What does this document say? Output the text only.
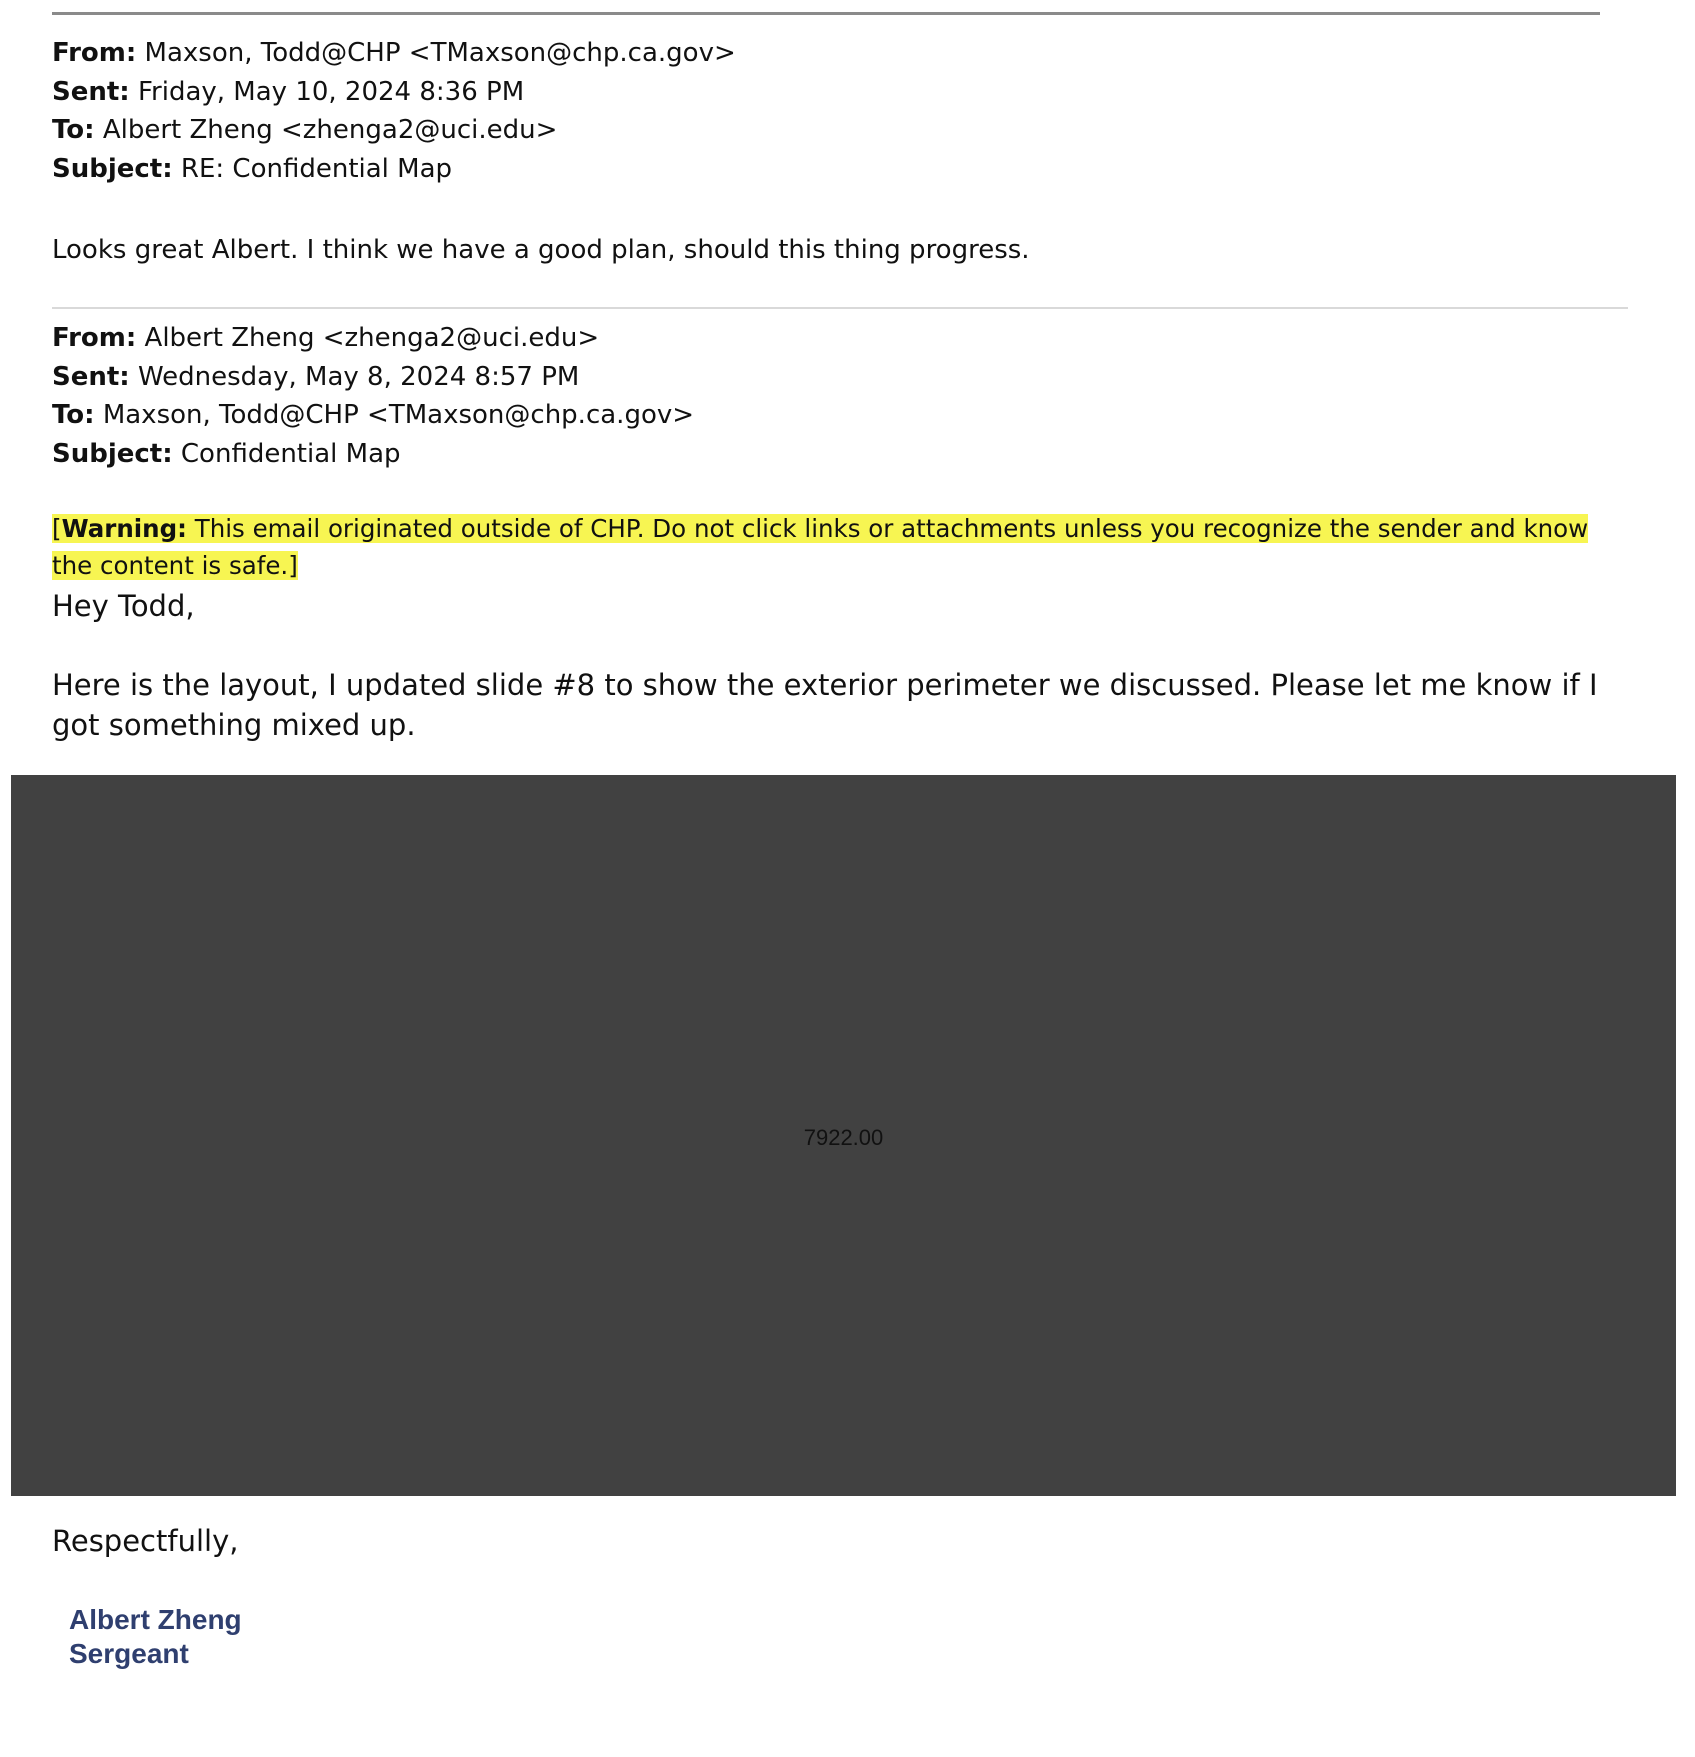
From: Maxson, Todd@CHP <TMaxson@chp.ca.gov>
Sent: Friday, May 10, 2024 8:36 PM
To: Albert Zheng <zhenga2@uci.edu>
Subject: RE: Confidential Map
Looks great Albert. I think we have a good plan, should this thing progress.
From: Albert Zheng <zhenga2@uci.edu>
Sent: Wednesday, May 8, 2024 8:57 PM
To: Maxson, Todd@CHP <TMaxson@chp.ca.gov>
Subject: Confidential Map
[Warning: This email originated outside of CHP. Do not click links or attachments unless you recognize the sender and know the content is safe.]
Hey Todd,
Here is the layout, I updated slide #8 to show the exterior perimeter we discussed. Please let me know if I got something mixed up.
7922.00
Respectfully,
Albert Zheng
Sergeant
